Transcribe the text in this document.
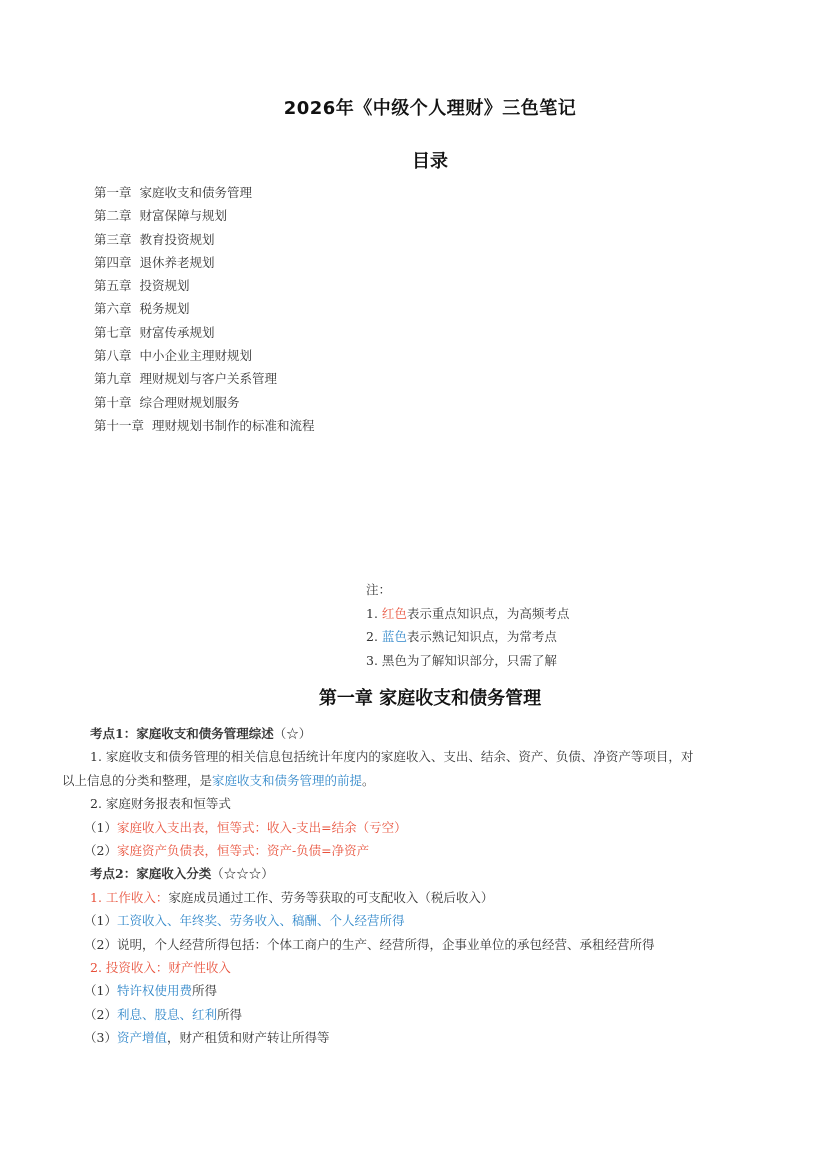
2026年《中级个人理财》三色笔记
目录
第一章 家庭收支和债务管理
第二章 财富保障与规划
第三章 教育投资规划
第四章 退休养老规划
第五章 投资规划
第六章 税务规划
第七章 财富传承规划
第八章 中小企业主理财规划
第九章 理财规划与客户关系管理
第十章 综合理财规划服务
第十一章 理财规划书制作的标准和流程
注：
1. 红色表示重点知识点，为高频考点
2. 蓝色表示熟记知识点，为常考点
3. 黑色为了解知识部分，只需了解
第一章 家庭收支和债务管理
考点1：家庭收支和债务管理综述（☆）
1. 家庭收支和债务管理的相关信息包括统计年度内的家庭收入、支出、结余、资产、负债、净资产等项目，对
以上信息的分类和整理，是家庭收支和债务管理的前提。
2. 家庭财务报表和恒等式
（1）家庭收入支出表，恒等式：收入-支出=结余（亏空）
（2）家庭资产负债表，恒等式：资产-负债=净资产
考点2：家庭收入分类（☆☆☆）
1. 工作收入：家庭成员通过工作、劳务等获取的可支配收入（税后收入）
（1）工资收入、年终奖、劳务收入、稿酬、个人经营所得
（2）说明，个人经营所得包括：个体工商户的生产、经营所得，企事业单位的承包经营、承租经营所得
2. 投资收入：财产性收入
（1）特许权使用费所得
（2）利息、股息、红利所得
（3）资产增值，财产租赁和财产转让所得等
